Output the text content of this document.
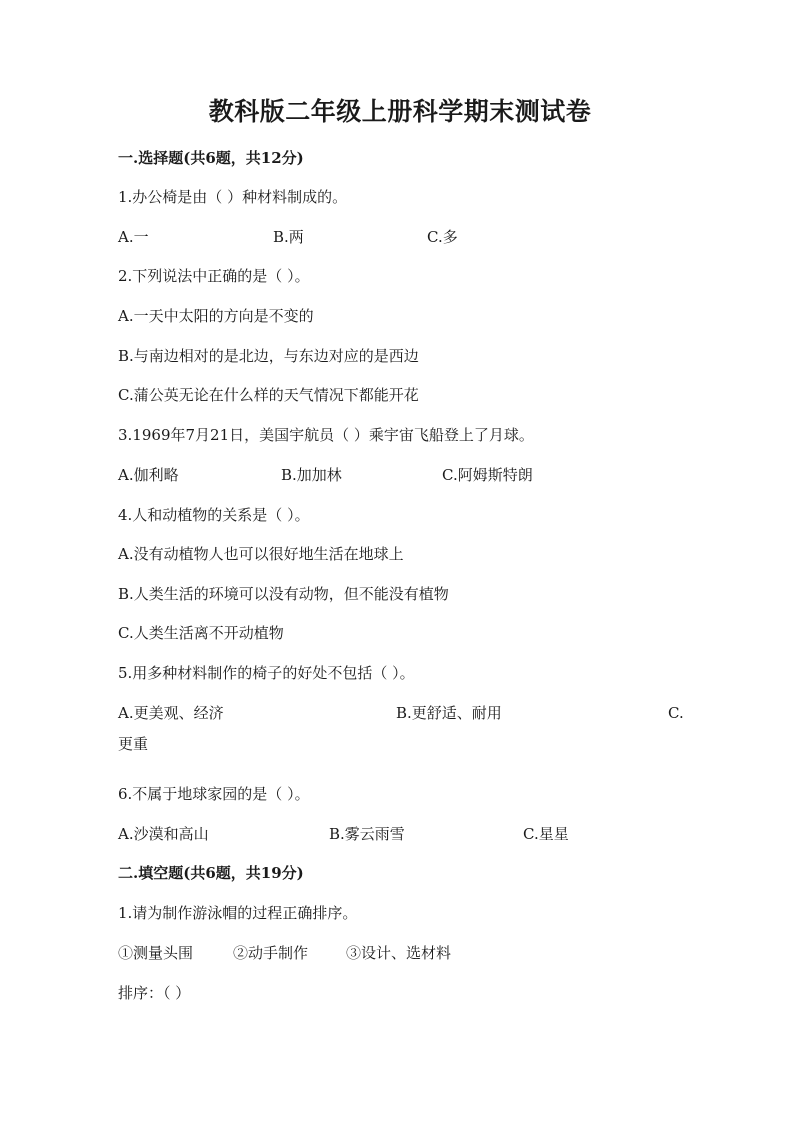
教科版二年级上册科学期末测试卷
一.选择题(共6题，共12分)
1.办公椅是由（ ）种材料制成的。
A.一	B.两	C.多
2.下列说法中正确的是（ ）。
A.一天中太阳的方向是不变的
B.与南边相对的是北边，与东边对应的是西边
C.蒲公英无论在什么样的天气情况下都能开花
3.1969年7月21日，美国宇航员（ ）乘宇宙飞船登上了月球。
A.伽利略	B.加加林	C.阿姆斯特朗
4.人和动植物的关系是（ ）。
A.没有动植物人也可以很好地生活在地球上
B.人类生活的环境可以没有动物，但不能没有植物
C.人类生活离不开动植物
5.用多种材料制作的椅子的好处不包括（ ）。
A.更美观、经济	B.更舒适、耐用	C.
更重
6.不属于地球家园的是（ ）。
A.沙漠和高山	B.雾云雨雪	C.星星
二.填空题(共6题，共19分)
1.请为制作游泳帽的过程正确排序。
①测量头围	②动手制作	③设计、选材料
排序：（ ）
